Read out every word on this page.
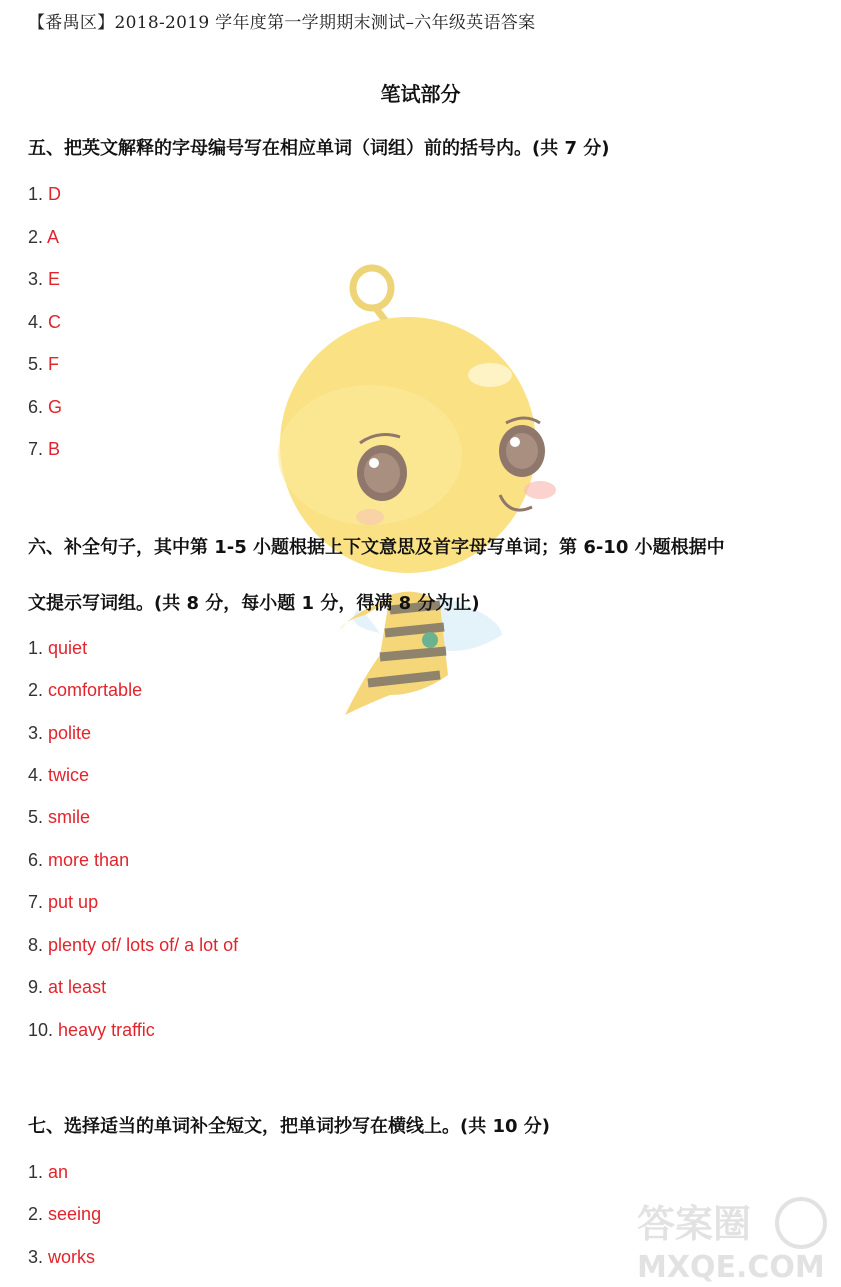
【番禺区】2018-2019 学年度第一学期期末测试–六年级英语答案
笔试部分
五、把英文解释的字母编号写在相应单词（词组）前的括号内。(共 7 分)
1. D
2. A
3. E
4. C
5. F
6. G
7. B
六、补全句子，其中第 1-5 小题根据上下文意思及首字母写单词；第 6-10 小题根据中
文提示写词组。(共 8 分，每小题 1 分，得满 8 分为止)
1. quiet
2. comfortable
3. polite
4. twice
5. smile
6. more than
7. put up
8. plenty of/ lots of/ a lot of
9. at least
10. heavy traffic
七、选择适当的单词补全短文，把单词抄写在横线上。(共 10 分)
1. an
2. seeing
3. works
答案圈
MXQE.COM
